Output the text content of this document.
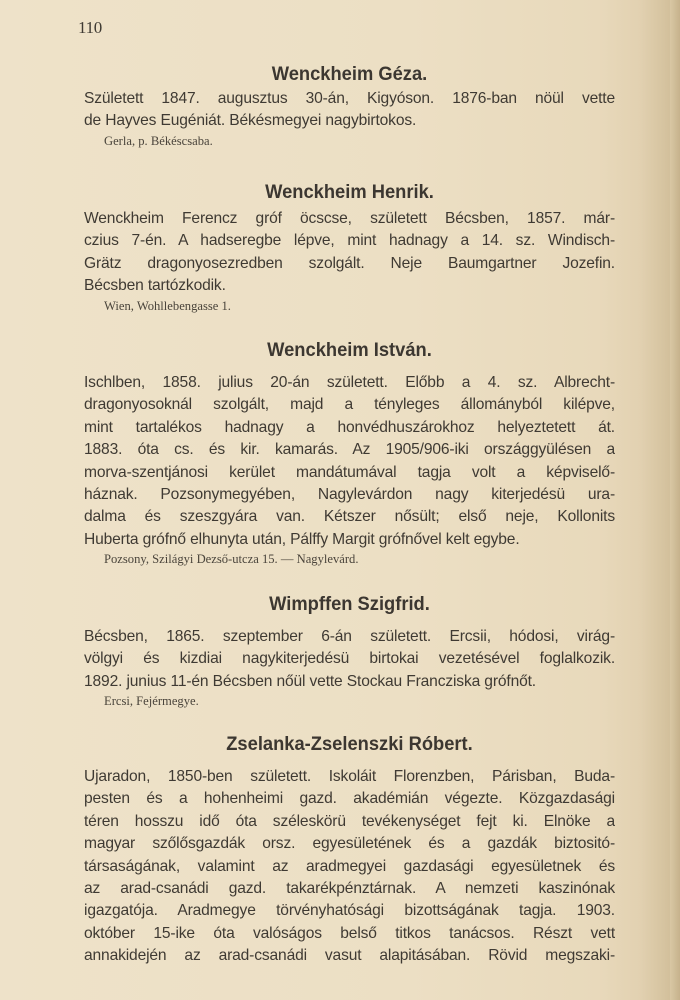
110
Wenckheim Géza.

Született 1847. augusztus 30-án, Kigyóson. 1876-ban nöül vette
de Hayves Eugéniát. Békésmegyei nagybirtokos.

Gerla, p. Békéscsaba.

Wenckheim Henrik.

Wenckheim Ferencz gróf öcscse, született Bécsben, 1857. már-
czius 7-én. A hadseregbe lépve, mint hadnagy a 14. sz. Windisch-
Grätz dragonyosezredben szolgált. Neje Baumgartner Jozefin.
Bécsben tartózkodik.

Wien, Wohllebengasse 1.

Wenckheim István.

Ischlben, 1858. julius 20-án született. Előbb a 4. sz. Albrecht-
dragonyosoknál szolgált, majd a tényleges állományból kilépve,
mint tartalékos hadnagy a honvédhuszárokhoz helyeztetett át.
1883. óta cs. és kir. kamarás. Az 1905/906-iki országgyülésen a
morva-szentjánosi kerület mandátumával tagja volt a képviselő-
háznak. Pozsonymegyében, Nagylevárdon nagy kiterjedésü ura-
dalma és szeszgyára van. Kétszer nősült; első neje, Kollonits
Huberta grófnő elhunyta után, Pálffy Margit grófnővel kelt egybe.

Pozsony, Szilágyi Dezső-utcza 15. — Nagylevárd.

Wimpffen Szigfrid.

Bécsben, 1865. szeptember 6-án született. Ercsii, hódosi, virág-
völgyi és kizdiai nagykiterjedésü birtokai vezetésével foglalkozik.
1892. junius 11-én Bécsben nőül vette Stockau Francziska grófnőt.

Ercsi, Fejérmegye.

Zselanka-Zselenszki Róbert.

Ujaradon, 1850-ben született. Iskoláit Florenzben, Párisban, Buda-
pesten és a hohenheimi gazd. akadémián végezte. Közgazdasági
téren hosszu idő óta széleskörü tevékenységet fejt ki. Elnöke a
magyar szőlősgazdák orsz. egyesületének és a gazdák biztositó-
társaságának, valamint az aradmegyei gazdasági egyesületnek és
az arad-csanádi gazd. takarékpénztárnak. A nemzeti kaszinónak
igazgatója. Aradmegye törvényhatósági bizottságának tagja. 1903.
október 15-ike óta valóságos belső titkos tanácsos. Részt vett
annakidején az arad-csanádi vasut alapitásában. Rövid megszaki-
